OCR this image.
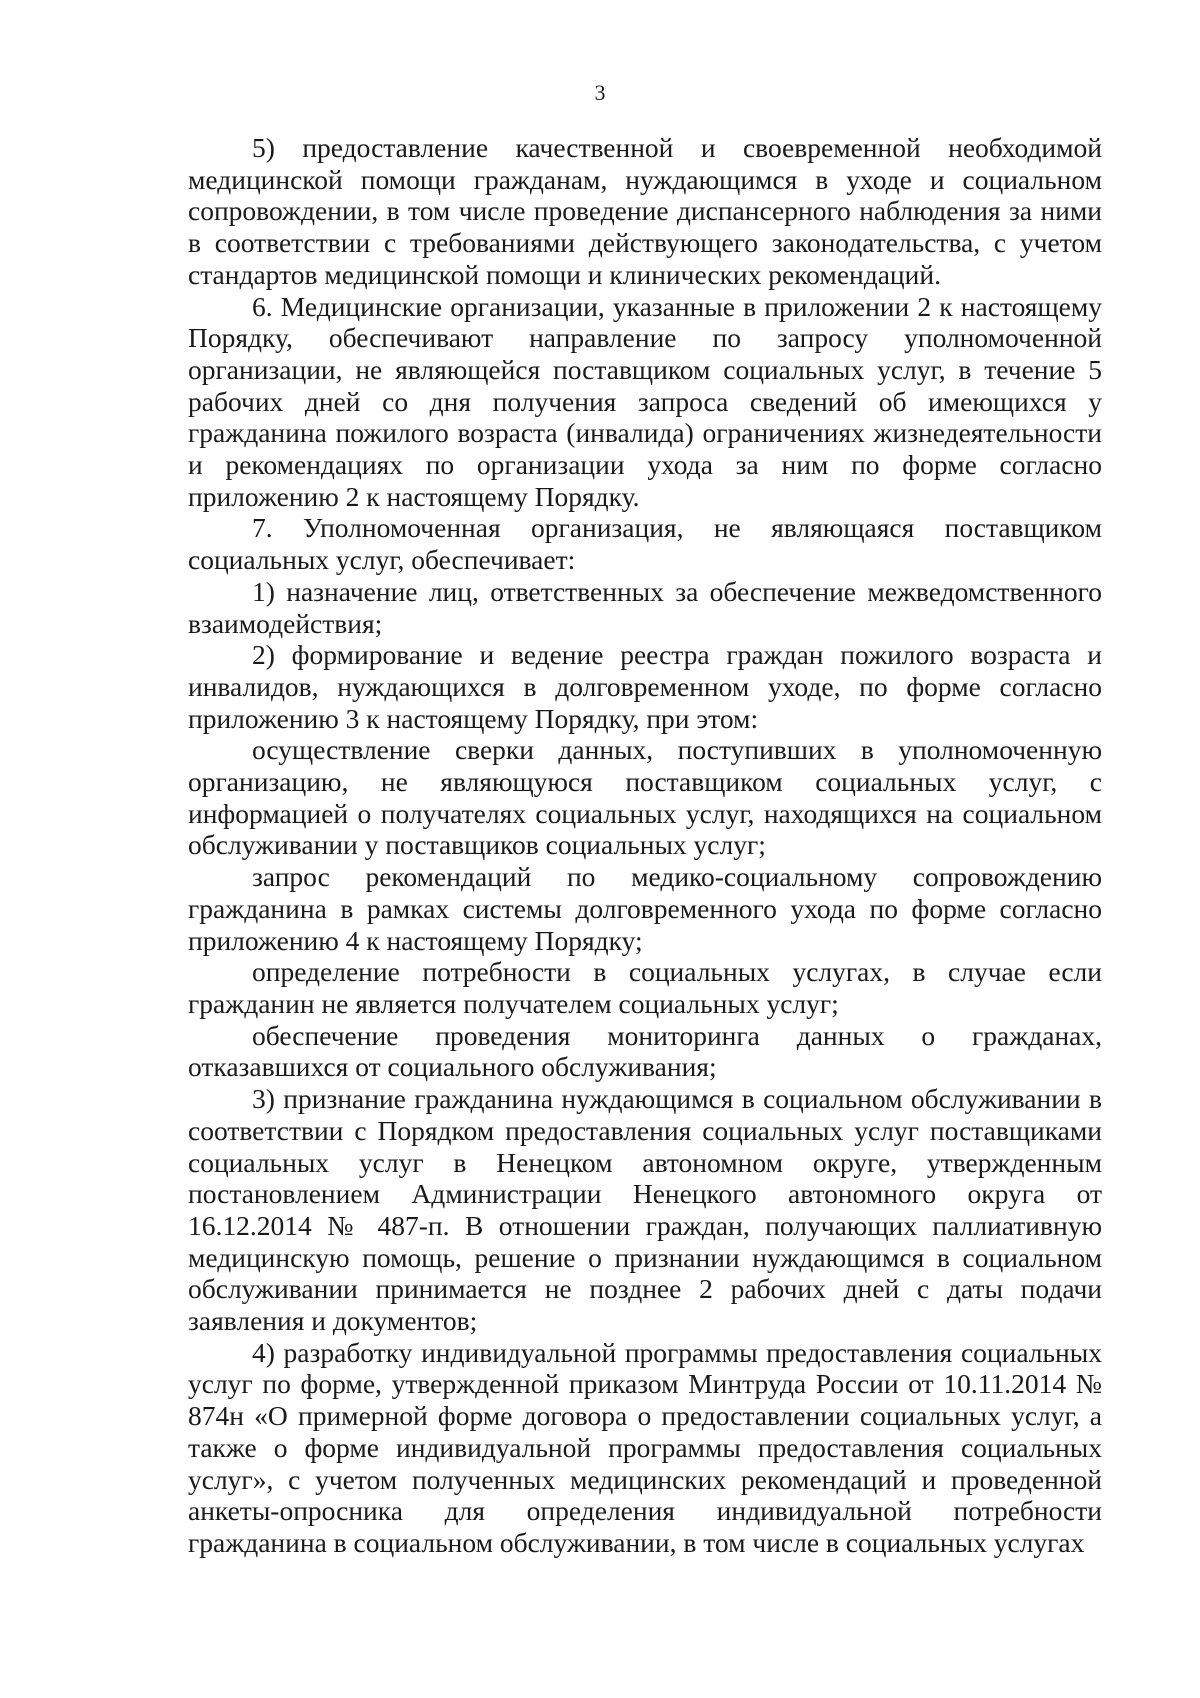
3

5) предоставление качественной и своевременной необходимой медицинской помощи гражданам, нуждающимся в уходе и социальном сопровождении, в том числе проведение диспансерного наблюдения за ними в соответствии с требованиями действующего законодательства, с учетом стандартов медицинской помощи и клинических рекомендаций.

6. Медицинские организации, указанные в приложении 2 к настоящему Порядку, обеспечивают направление по запросу уполномоченной организации, не являющейся поставщиком социальных услуг, в течение 5 рабочих дней со дня получения запроса сведений об имеющихся у гражданина пожилого возраста (инвалида) ограничениях жизнедеятельности и рекомендациях по организации ухода за ним по форме согласно приложению 2 к настоящему Порядку.

7. Уполномоченная организация, не являющаяся поставщиком социальных услуг, обеспечивает:

1) назначение лиц, ответственных за обеспечение межведомственного взаимодействия;

2) формирование и ведение реестра граждан пожилого возраста и инвалидов, нуждающихся в долговременном уходе, по форме согласно приложению 3 к настоящему Порядку, при этом:

осуществление сверки данных, поступивших в уполномоченную организацию, не являющуюся поставщиком социальных услуг, с информацией о получателях социальных услуг, находящихся на социальном обслуживании у поставщиков социальных услуг;

запрос рекомендаций по медико-социальному сопровождению гражданина в рамках системы долговременного ухода по форме согласно приложению 4 к настоящему Порядку;

определение потребности в социальных услугах, в случае если гражданин не является получателем социальных услуг;

обеспечение проведения мониторинга данных о гражданах, отказавшихся от социального обслуживания;

3) признание гражданина нуждающимся в социальном обслуживании в соответствии с Порядком предоставления социальных услуг поставщиками социальных услуг в Ненецком автономном округе, утвержденным постановлением Администрации Ненецкого автономного округа от 16.12.2014 № 487-п. В отношении граждан, получающих паллиативную медицинскую помощь, решение о признании нуждающимся в социальном обслуживании принимается не позднее 2 рабочих дней с даты подачи заявления и документов;

4) разработку индивидуальной программы предоставления социальных услуг по форме, утвержденной приказом Минтруда России от 10.11.2014 № 874н «О примерной форме договора о предоставлении социальных услуг, а также о форме индивидуальной программы предоставления социальных услуг», с учетом полученных медицинских рекомендаций и проведенной анкеты-опросника для определения индивидуальной потребности гражданина в социальном обслуживании, в том числе в социальных услугах
